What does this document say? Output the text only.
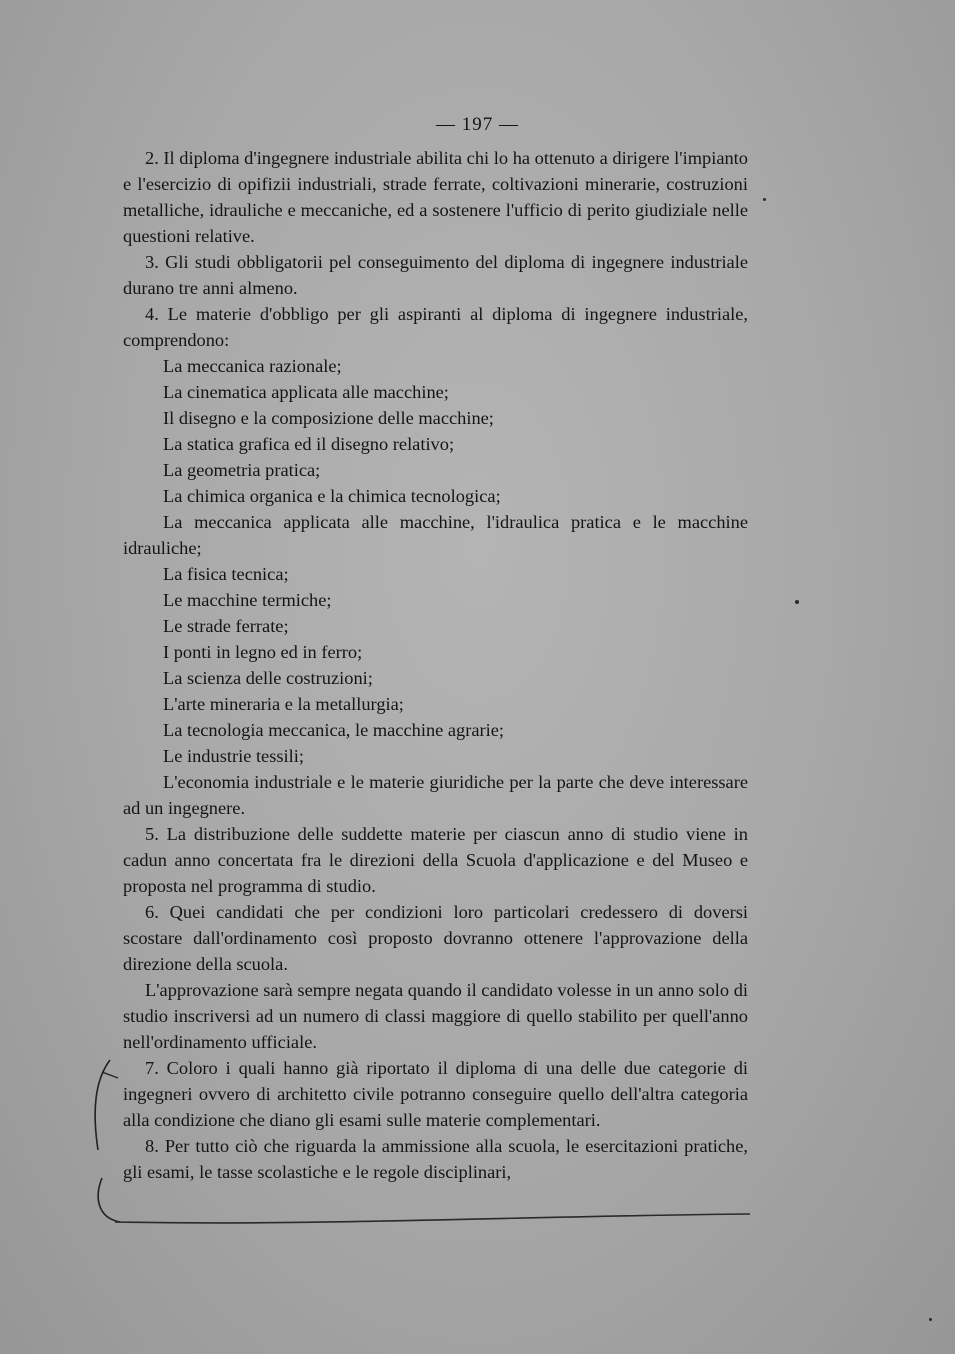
— 197 —

2. Il diploma d'ingegnere industriale abilita chi lo ha ottenuto a dirigere l'impianto e l'esercizio di opifizii industriali, strade ferrate, coltivazioni minerarie, costruzioni metalliche, idrauliche e meccaniche, ed a sostenere l'ufficio di perito giudiziale nelle questioni relative.

3. Gli studi obbligatorii pel conseguimento del diploma di ingegnere industriale durano tre anni almeno.

4. Le materie d'obbligo per gli aspiranti al diploma di ingegnere industriale, comprendono:

La meccanica razionale;
La cinematica applicata alle macchine;
Il disegno e la composizione delle macchine;
La statica grafica ed il disegno relativo;
La geometria pratica;
La chimica organica e la chimica tecnologica;

La meccanica applicata alle macchine, l'idraulica pratica e le macchine idrauliche;

La fisica tecnica;
Le macchine termiche;
Le strade ferrate;
I ponti in legno ed in ferro;
La scienza delle costruzioni;
L'arte mineraria e la metallurgia;
La tecnologia meccanica, le macchine agrarie;
Le industrie tessili;

L'economia industriale e le materie giuridiche per la parte che deve interessare ad un ingegnere.

5. La distribuzione delle suddette materie per ciascun anno di studio viene in cadun anno concertata fra le direzioni della Scuola d'applicazione e del Museo e proposta nel programma di studio.

6. Quei candidati che per condizioni loro particolari credessero di doversi scostare dall'ordinamento così proposto dovranno ottenere l'approvazione della direzione della scuola.

L'approvazione sarà sempre negata quando il candidato volesse in un anno solo di studio inscriversi ad un numero di classi maggiore di quello stabilito per quell'anno nell'ordinamento ufficiale.

7. Coloro i quali hanno già riportato il diploma di una delle due categorie di ingegneri ovvero di architetto civile potranno conseguire quello dell'altra categoria alla condizione che diano gli esami sulle materie complementari.

8. Per tutto ciò che riguarda la ammissione alla scuola, le esercitazioni pratiche, gli esami, le tasse scolastiche e le regole disciplinari,
